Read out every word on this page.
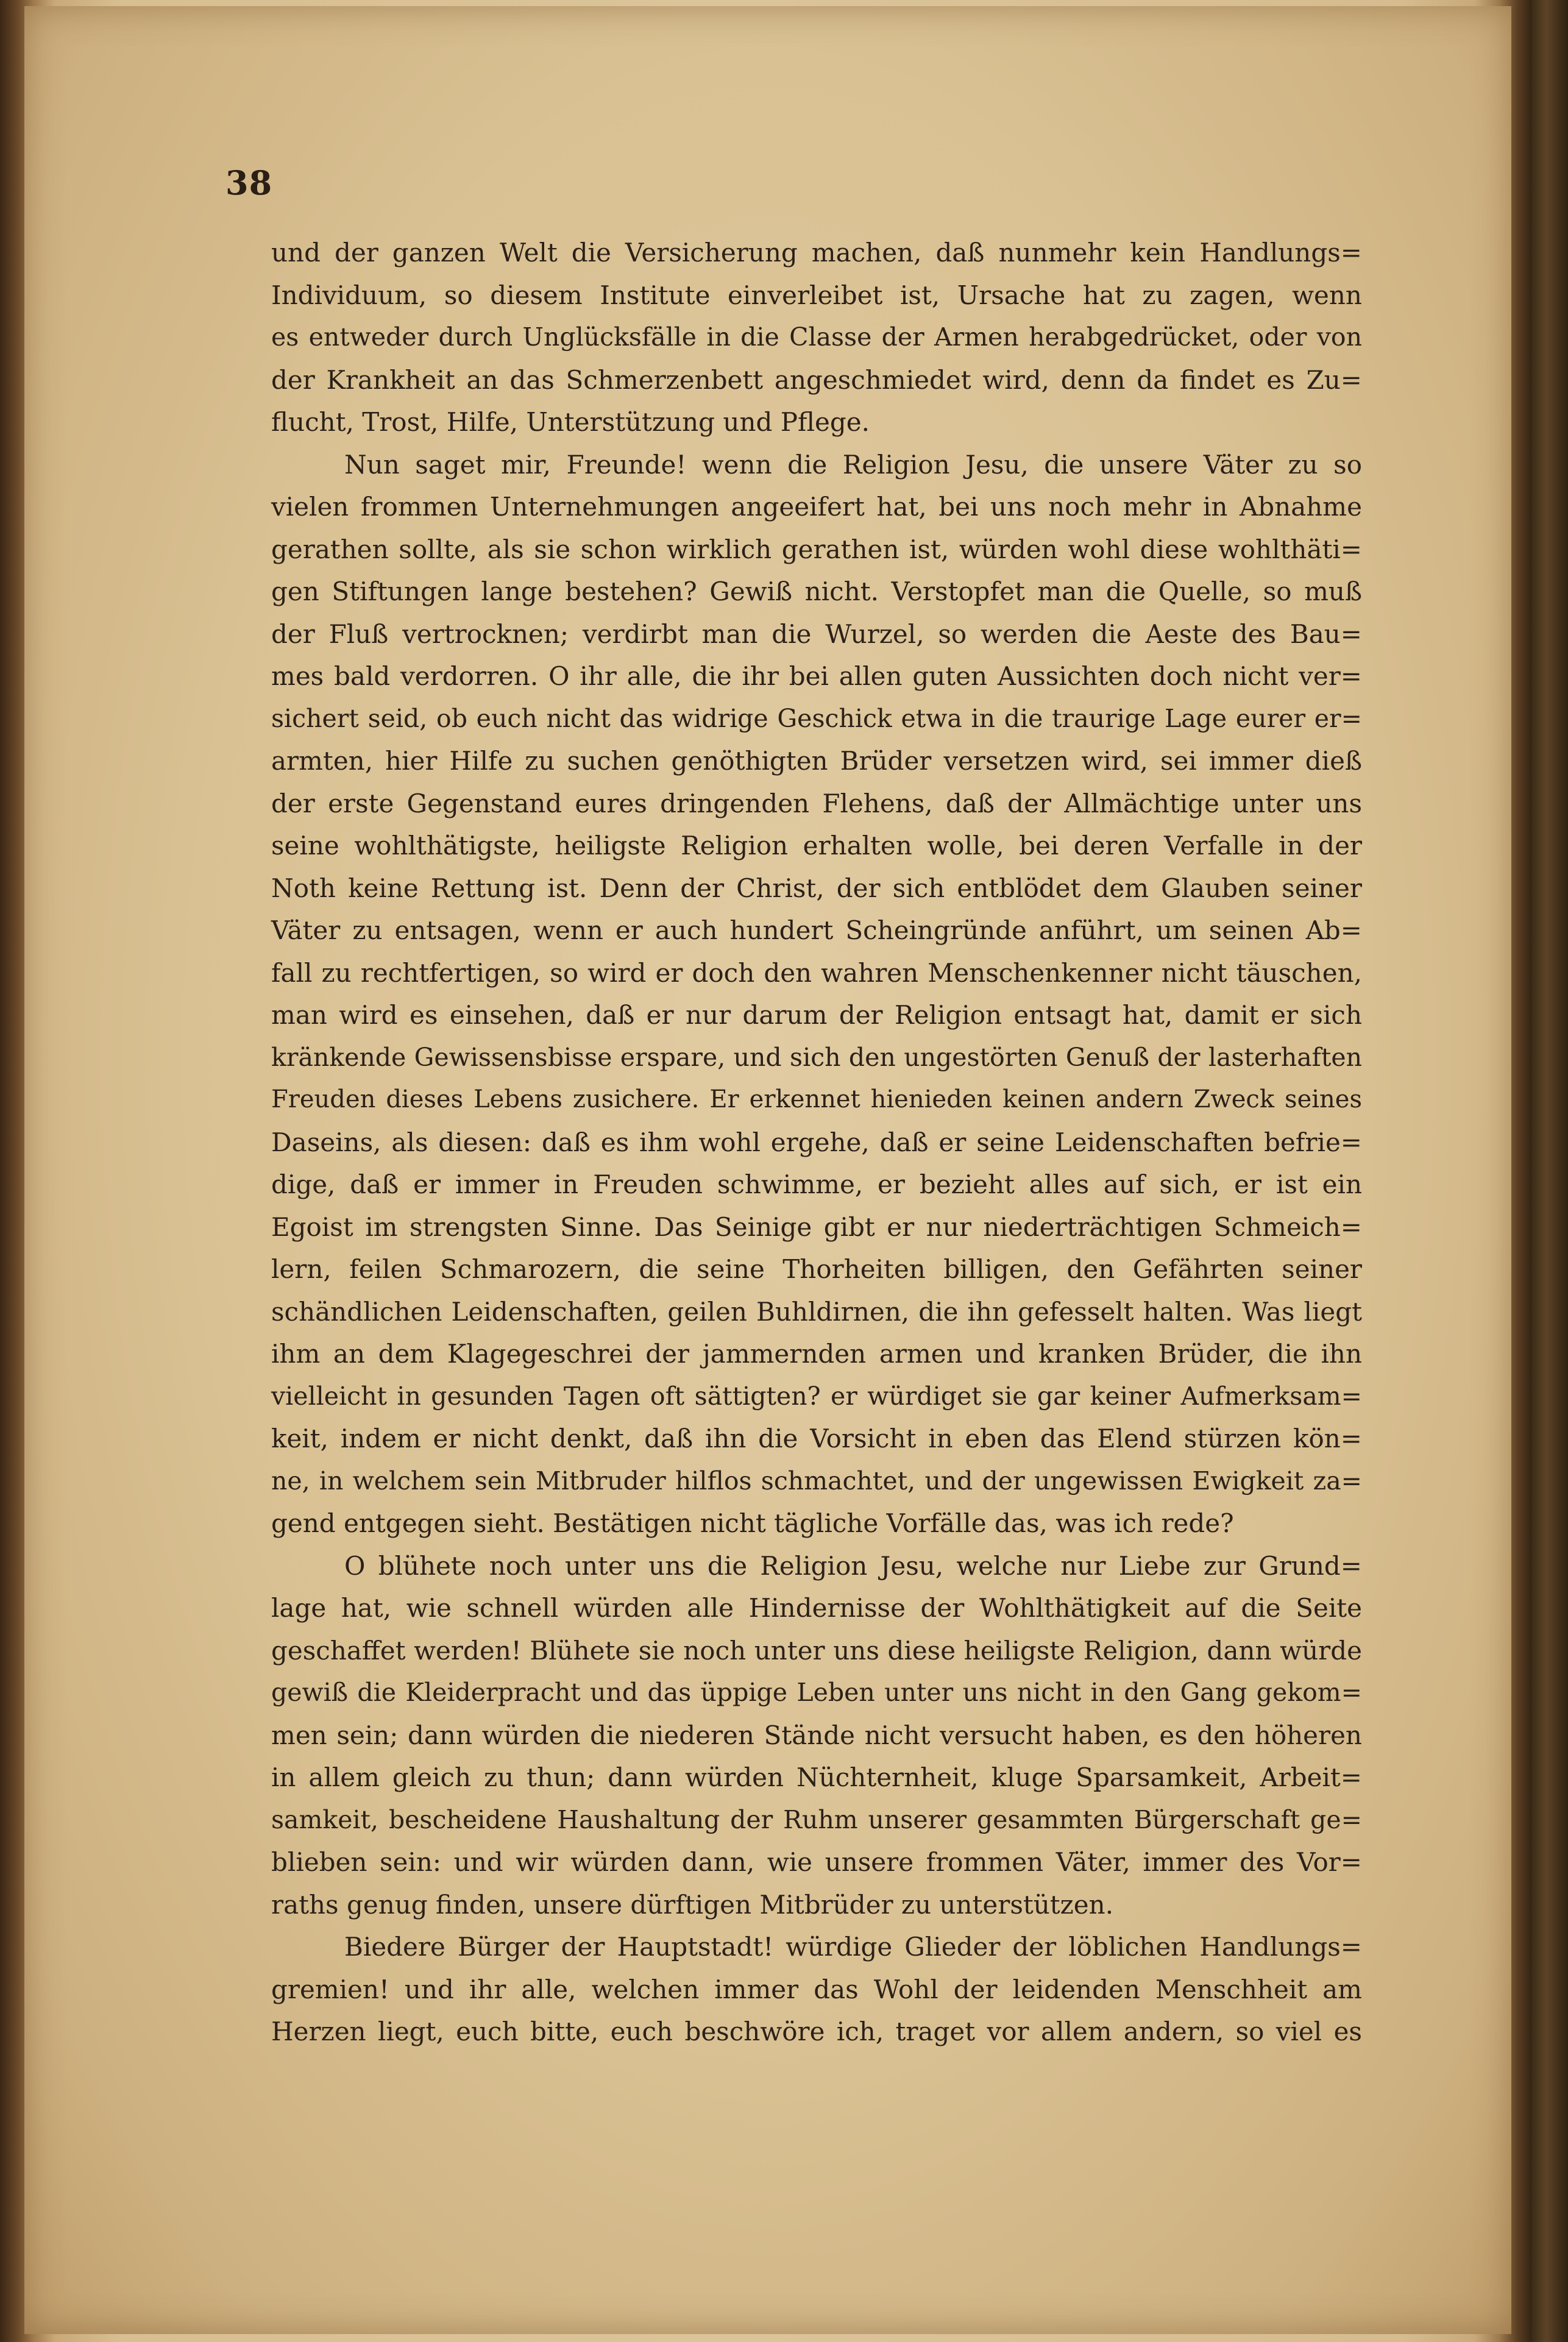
38
und der ganzen Welt die Versicherung machen, daß nunmehr kein Handlungs=
Individuum, so diesem Institute einverleibet ist, Ursache hat zu zagen, wenn
es entweder durch Unglücksfälle in die Classe der Armen herabgedrücket, oder von
der Krankheit an das Schmerzenbett angeschmiedet wird, denn da findet es Zu=
flucht, Trost, Hilfe, Unterstützung und Pflege.
Nun saget mir, Freunde! wenn die Religion Jesu, die unsere Väter zu so
vielen frommen Unternehmungen angeeifert hat, bei uns noch mehr in Abnahme
gerathen sollte, als sie schon wirklich gerathen ist, würden wohl diese wohlthäti=
gen Stiftungen lange bestehen? Gewiß nicht. Verstopfet man die Quelle, so muß
der Fluß vertrocknen; verdirbt man die Wurzel, so werden die Aeste des Bau=
mes bald verdorren. O ihr alle, die ihr bei allen guten Aussichten doch nicht ver=
sichert seid, ob euch nicht das widrige Geschick etwa in die traurige Lage eurer er=
armten, hier Hilfe zu suchen genöthigten Brüder versetzen wird, sei immer dieß
der erste Gegenstand eures dringenden Flehens, daß der Allmächtige unter uns
seine wohlthätigste, heiligste Religion erhalten wolle, bei deren Verfalle in der
Noth keine Rettung ist. Denn der Christ, der sich entblödet dem Glauben seiner
Väter zu entsagen, wenn er auch hundert Scheingründe anführt, um seinen Ab=
fall zu rechtfertigen, so wird er doch den wahren Menschenkenner nicht täuschen,
man wird es einsehen, daß er nur darum der Religion entsagt hat, damit er sich
kränkende Gewissensbisse erspare, und sich den ungestörten Genuß der lasterhaften
Freuden dieses Lebens zusichere. Er erkennet hienieden keinen andern Zweck seines
Daseins, als diesen: daß es ihm wohl ergehe, daß er seine Leidenschaften befrie=
dige, daß er immer in Freuden schwimme, er bezieht alles auf sich, er ist ein
Egoist im strengsten Sinne. Das Seinige gibt er nur niederträchtigen Schmeich=
lern, feilen Schmarozern, die seine Thorheiten billigen, den Gefährten seiner
schändlichen Leidenschaften, geilen Buhldirnen, die ihn gefesselt halten. Was liegt
ihm an dem Klagegeschrei der jammernden armen und kranken Brüder, die ihn
vielleicht in gesunden Tagen oft sättigten? er würdiget sie gar keiner Aufmerksam=
keit, indem er nicht denkt, daß ihn die Vorsicht in eben das Elend stürzen kön=
ne, in welchem sein Mitbruder hilflos schmachtet, und der ungewissen Ewigkeit za=
gend entgegen sieht. Bestätigen nicht tägliche Vorfälle das, was ich rede?
O blühete noch unter uns die Religion Jesu, welche nur Liebe zur Grund=
lage hat, wie schnell würden alle Hindernisse der Wohlthätigkeit auf die Seite
geschaffet werden! Blühete sie noch unter uns diese heiligste Religion, dann würde
gewiß die Kleiderpracht und das üppige Leben unter uns nicht in den Gang gekom=
men sein; dann würden die niederen Stände nicht versucht haben, es den höheren
in allem gleich zu thun; dann würden Nüchternheit, kluge Sparsamkeit, Arbeit=
samkeit, bescheidene Haushaltung der Ruhm unserer gesammten Bürgerschaft ge=
blieben sein: und wir würden dann, wie unsere frommen Väter, immer des Vor=
raths genug finden, unsere dürftigen Mitbrüder zu unterstützen.
Biedere Bürger der Hauptstadt! würdige Glieder der löblichen Handlungs=
gremien! und ihr alle, welchen immer das Wohl der leidenden Menschheit am
Herzen liegt, euch bitte, euch beschwöre ich, traget vor allem andern, so viel es
